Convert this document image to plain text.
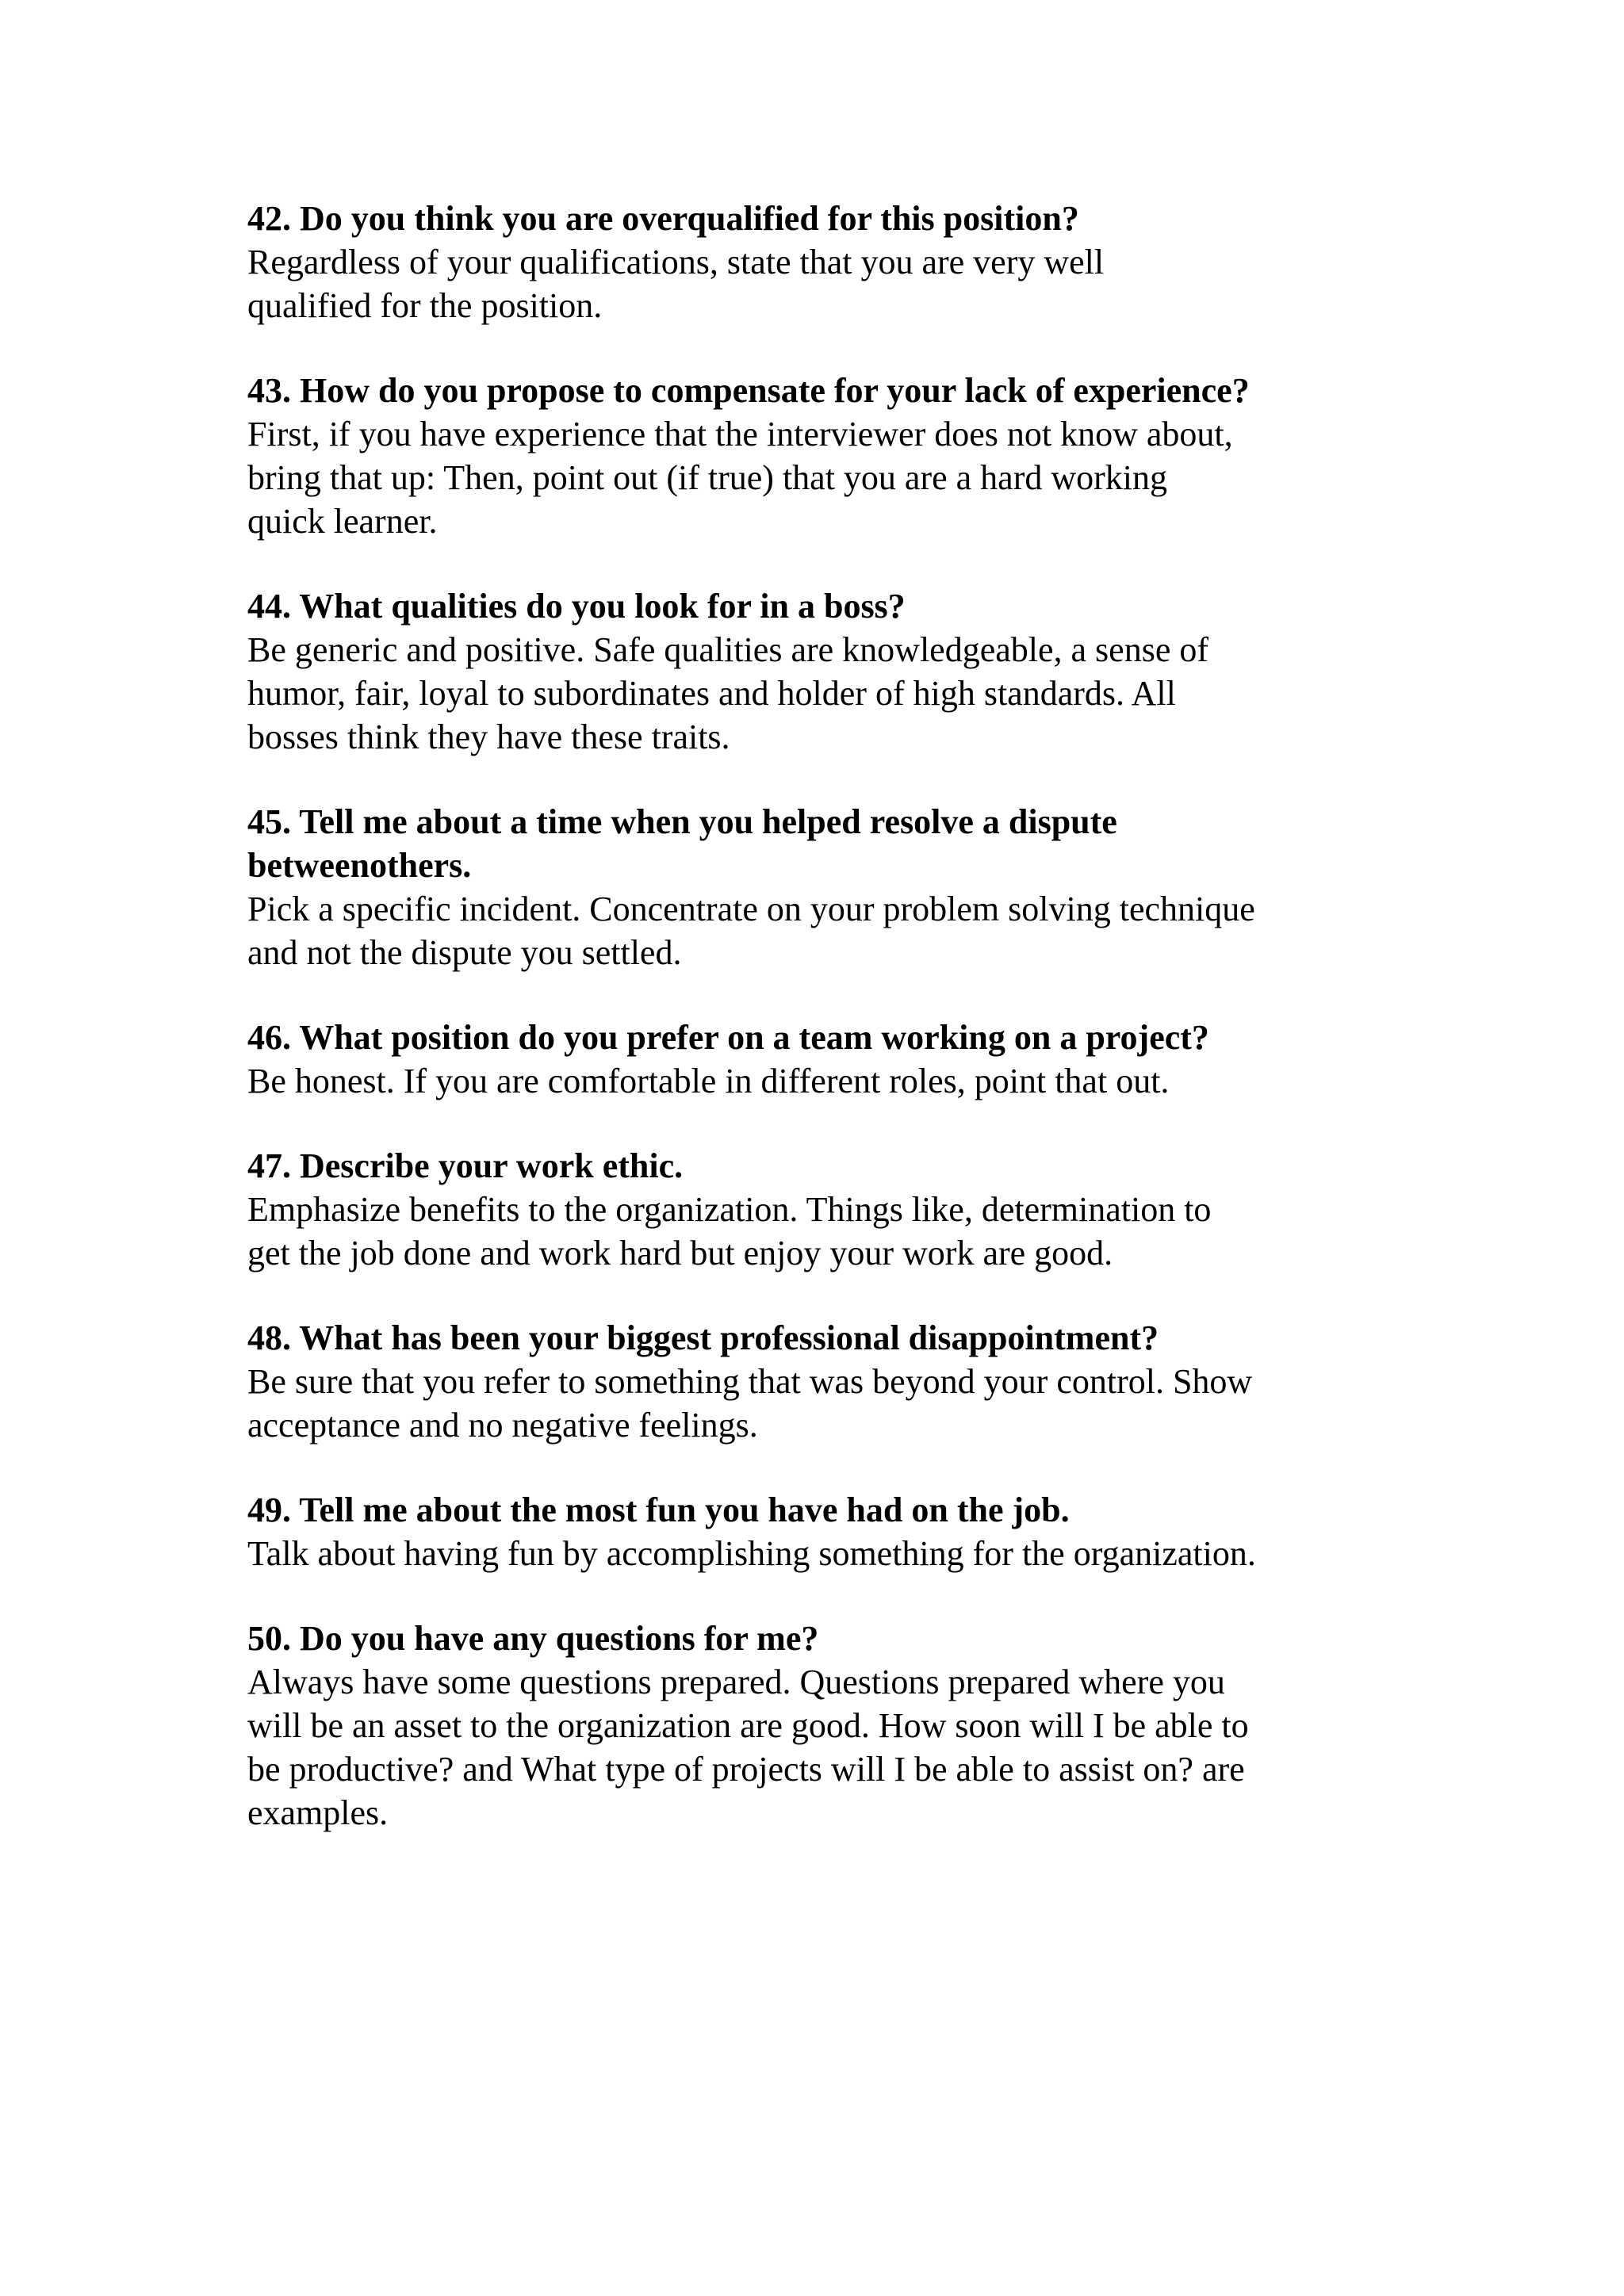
42. Do you think you are overqualified for this position?

Regardless of your qualifications, state that you are very well
qualified for the position.

43. How do you propose to compensate for your lack of experience?

First, if you have experience that the interviewer does not know about,
bring that up: Then, point out (if true) that you are a hard working
quick learner.

44. What qualities do you look for in a boss?

Be generic and positive. Safe qualities are knowledgeable, a sense of
humor, fair, loyal to subordinates and holder of high standards. All
bosses think they have these traits.

45. Tell me about a time when you helped resolve a dispute
betweenothers.

Pick a specific incident. Concentrate on your problem solving technique
and not the dispute you settled.

46. What position do you prefer on a team working on a project?

Be honest. If you are comfortable in different roles, point that out.

47. Describe your work ethic.

Emphasize benefits to the organization. Things like, determination to
get the job done and work hard but enjoy your work are good.

48. What has been your biggest professional disappointment?

Be sure that you refer to something that was beyond your control. Show
acceptance and no negative feelings.

49. Tell me about the most fun you have had on the job.

Talk about having fun by accomplishing something for the organization.

50. Do you have any questions for me?

Always have some questions prepared. Questions prepared where you
will be an asset to the organization are good. How soon will I be able to
be productive? and What type of projects will I be able to assist on? are
examples.
